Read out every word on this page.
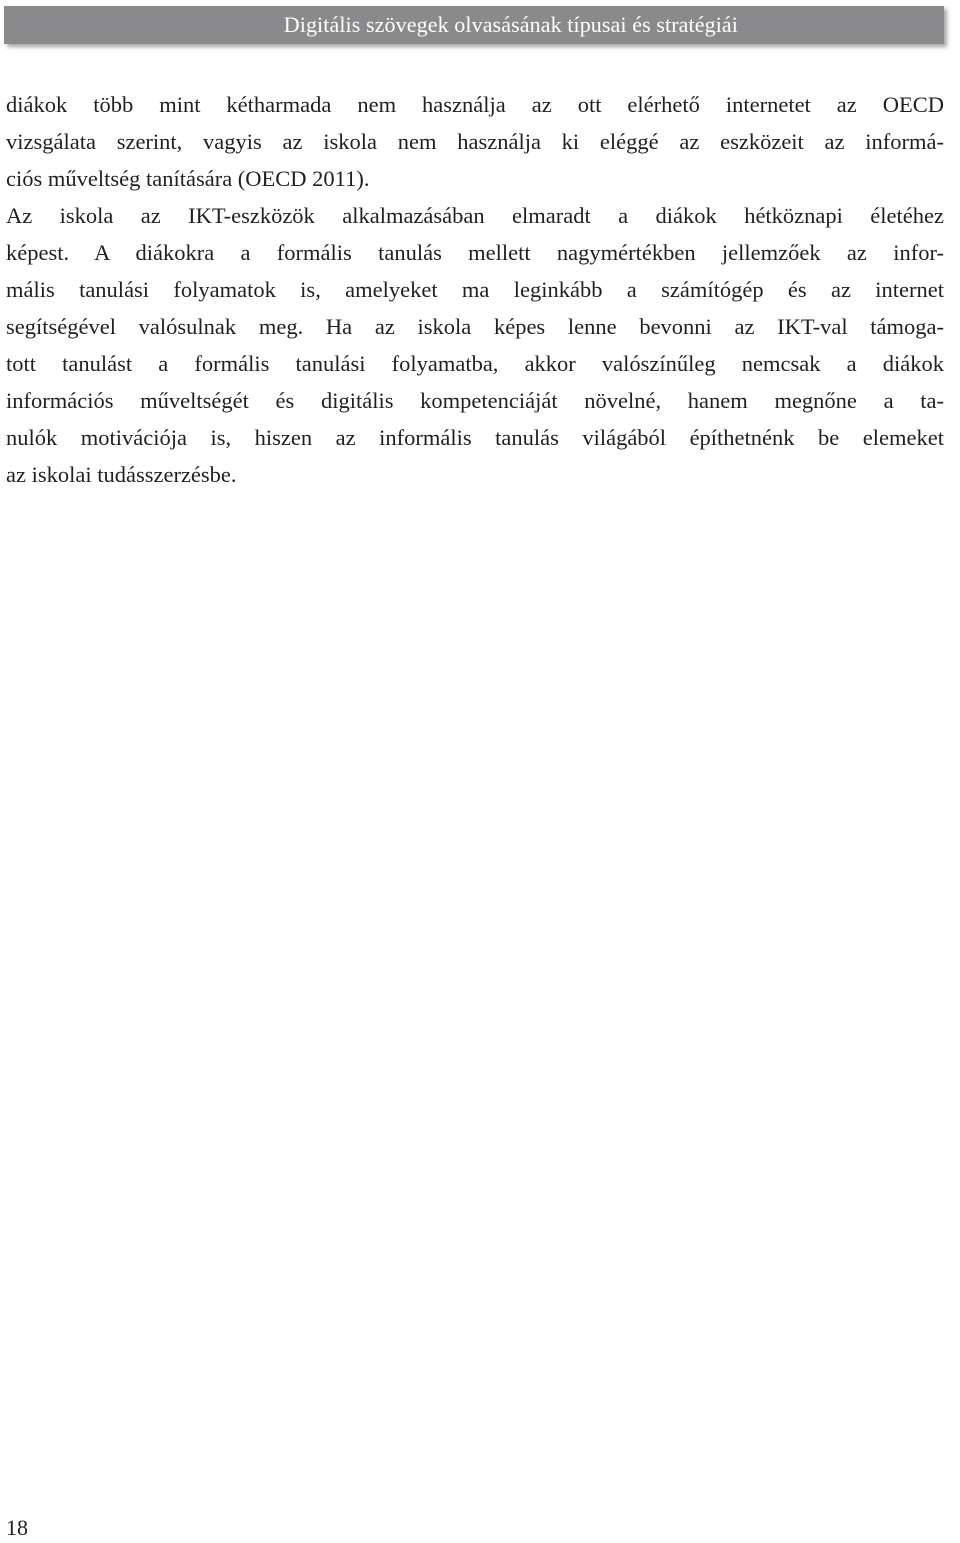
Digitális szövegek olvasásának típusai és stratégiái
diákok több mint kétharmada nem használja az ott elérhető internetet az OECD
vizsgálata szerint, vagyis az iskola nem használja ki eléggé az eszközeit az informá-
ciós műveltség tanítására (OECD 2011).
Az iskola az IKT-eszközök alkalmazásában elmaradt a diákok hétköznapi életéhez
képest. A diákokra a formális tanulás mellett nagymértékben jellemzőek az infor-
mális tanulási folyamatok is, amelyeket ma leginkább a számítógép és az internet
segítségével valósulnak meg. Ha az iskola képes lenne bevonni az IKT-val támoga-
tott tanulást a formális tanulási folyamatba, akkor valószínűleg nemcsak a diákok
információs műveltségét és digitális kompetenciáját növelné, hanem megnőne a ta-
nulók motivációja is, hiszen az informális tanulás világából építhetnénk be elemeket
az iskolai tudásszerzésbe.
18
